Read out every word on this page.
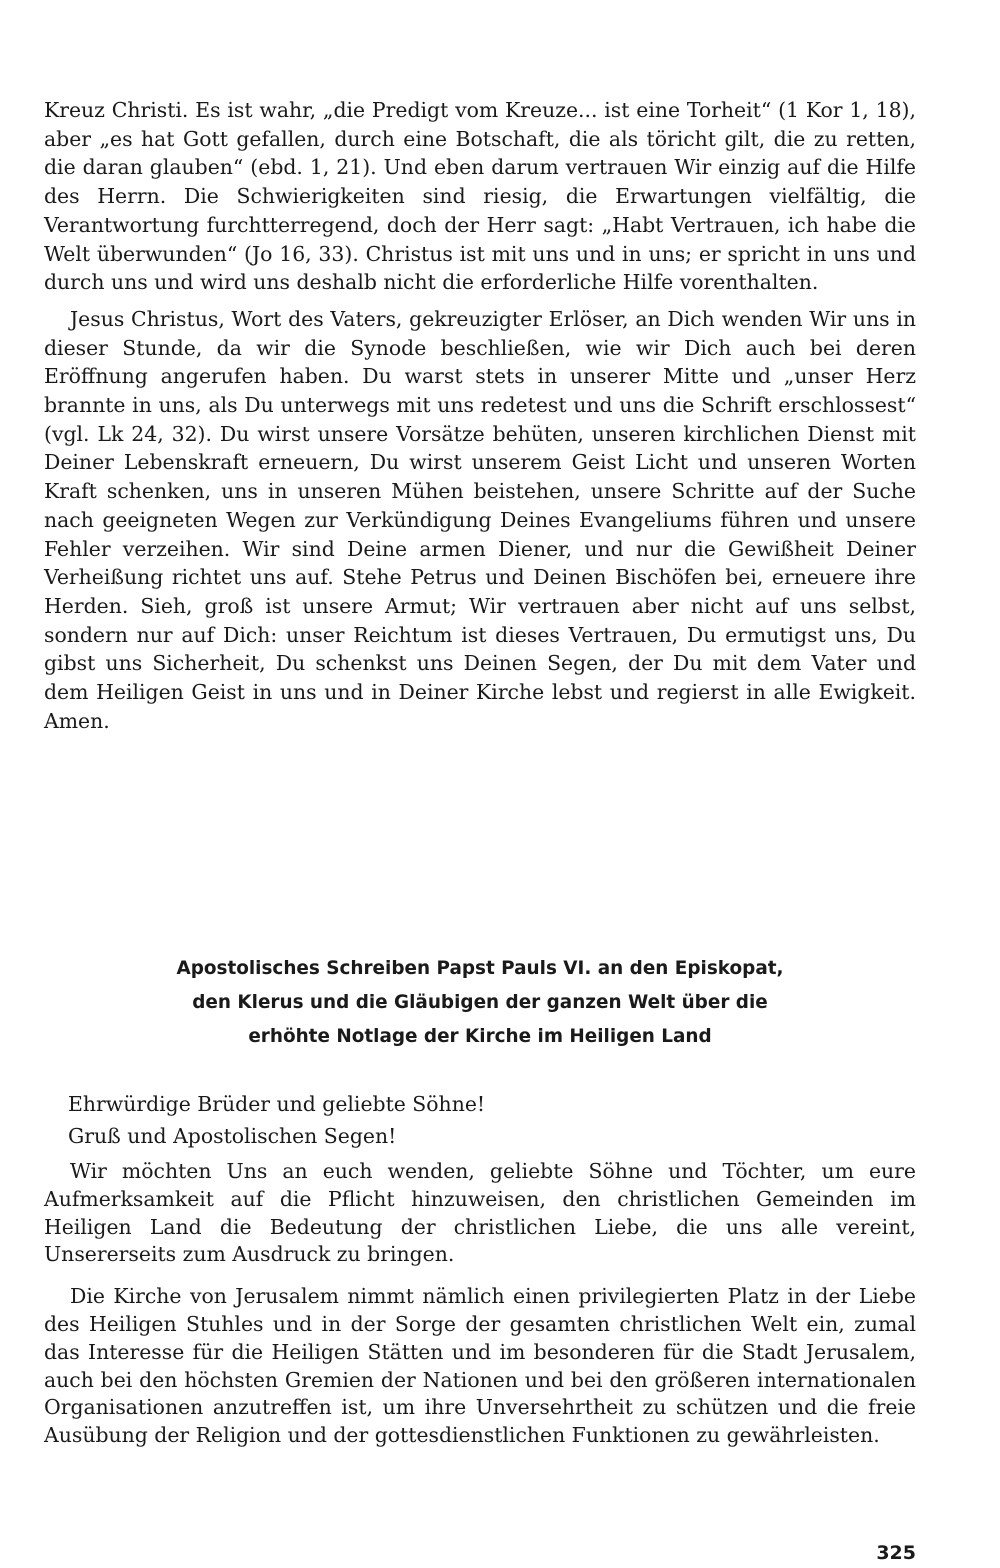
Kreuz Christi. Es ist wahr, „die Predigt vom Kreuze... ist eine Torheit“ (1 Kor 1, 18), aber „es hat Gott gefallen, durch eine Botschaft, die als töricht gilt, die zu retten, die daran glauben“ (ebd. 1, 21). Und eben darum vertrauen Wir einzig auf die Hilfe des Herrn. Die Schwierigkeiten sind riesig, die Erwartungen vielfältig, die Verantwortung furchtterregend, doch der Herr sagt: „Habt Vertrauen, ich habe die Welt überwunden“ (Jo 16, 33). Christus ist mit uns und in uns; er spricht in uns und durch uns und wird uns deshalb nicht die erforderliche Hilfe vorenthalten.

Jesus Christus, Wort des Vaters, gekreuzigter Erlöser, an Dich wenden Wir uns in dieser Stunde, da wir die Synode beschließen, wie wir Dich auch bei deren Eröffnung angerufen haben. Du warst stets in unserer Mitte und „unser Herz brannte in uns, als Du unterwegs mit uns redetest und uns die Schrift erschlossest“ (vgl. Lk 24, 32). Du wirst unsere Vorsätze behüten, unseren kirchlichen Dienst mit Deiner Lebenskraft erneuern, Du wirst unserem Geist Licht und unseren Worten Kraft schenken, uns in unseren Mühen beistehen, unsere Schritte auf der Suche nach geeigneten Wegen zur Verkündigung Deines Evangeliums führen und unsere Fehler verzeihen. Wir sind Deine armen Diener, und nur die Gewißheit Deiner Verheißung richtet uns auf. Stehe Petrus und Deinen Bischöfen bei, erneuere ihre Herden. Sieh, groß ist unsere Armut; Wir vertrauen aber nicht auf uns selbst, sondern nur auf Dich: unser Reichtum ist dieses Vertrauen, Du ermutigst uns, Du gibst uns Sicherheit, Du schenkst uns Deinen Segen, der Du mit dem Vater und dem Heiligen Geist in uns und in Deiner Kirche lebst und regierst in alle Ewigkeit. Amen.

Apostolisches Schreiben Papst Pauls VI. an den Episkopat,
den Klerus und die Gläubigen der ganzen Welt über die
erhöhte Notlage der Kirche im Heiligen Land

Ehrwürdige Brüder und geliebte Söhne!

Gruß und Apostolischen Segen!

Wir möchten Uns an euch wenden, geliebte Söhne und Töchter, um eure Aufmerksamkeit auf die Pflicht hinzuweisen, den christlichen Gemeinden im Heiligen Land die Bedeutung der christlichen Liebe, die uns alle vereint, Unsererseits zum Ausdruck zu bringen.

Die Kirche von Jerusalem nimmt nämlich einen privilegierten Platz in der Liebe des Heiligen Stuhles und in der Sorge der gesamten christlichen Welt ein, zumal das Interesse für die Heiligen Stätten und im besonderen für die Stadt Jerusalem, auch bei den höchsten Gremien der Nationen und bei den größeren internationalen Organisationen anzutreffen ist, um ihre Unversehrtheit zu schützen und die freie Ausübung der Religion und der gottesdienstlichen Funktionen zu gewährleisten.

325
